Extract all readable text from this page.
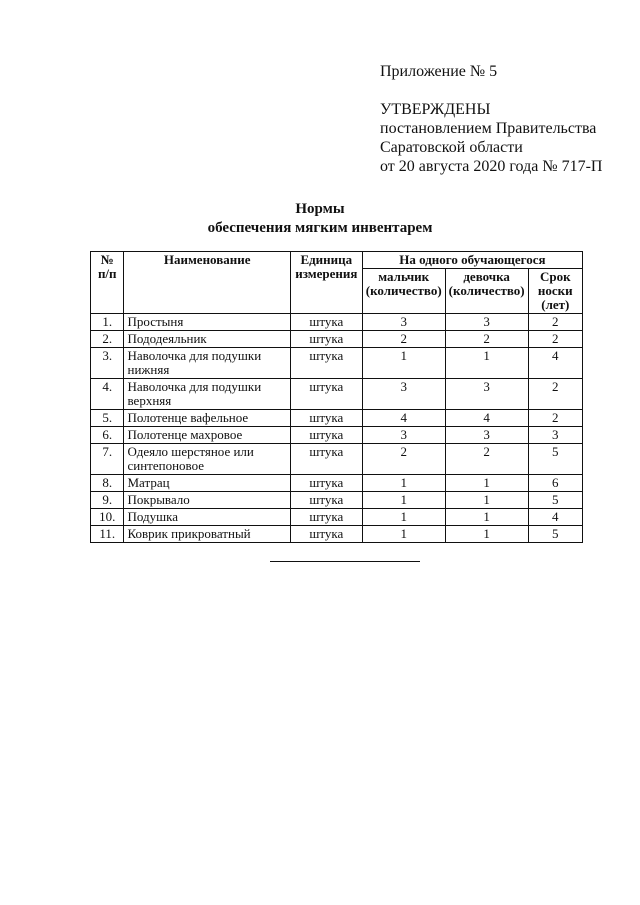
Приложение № 5
УТВЕРЖДЕНЫ
постановлением Правительства
Саратовской области
от 20 августа 2020 года № 717-П
Нормы
обеспечения мягким инвентарем
№ п/п	Наименование	Единица измерения	На одного обучающегося		
			мальчик (количество)	девочка (количество)	Срок носки (лет)
1.	Простыня	штука	3	3	2
2.	Пододеяльник	штука	2	2	2
3.	Наволочка для подушки нижняя	штука	1	1	4
4.	Наволочка для подушки верхняя	штука	3	3	2
5.	Полотенце вафельное	штука	4	4	2
6.	Полотенце махровое	штука	3	3	3
7.	Одеяло шерстяное или синтепоновое	штука	2	2	5
8.	Матрац	штука	1	1	6
9.	Покрывало	штука	1	1	5
10.	Подушка	штука	1	1	4
11.	Коврик прикроватный	штука	1	1	5
